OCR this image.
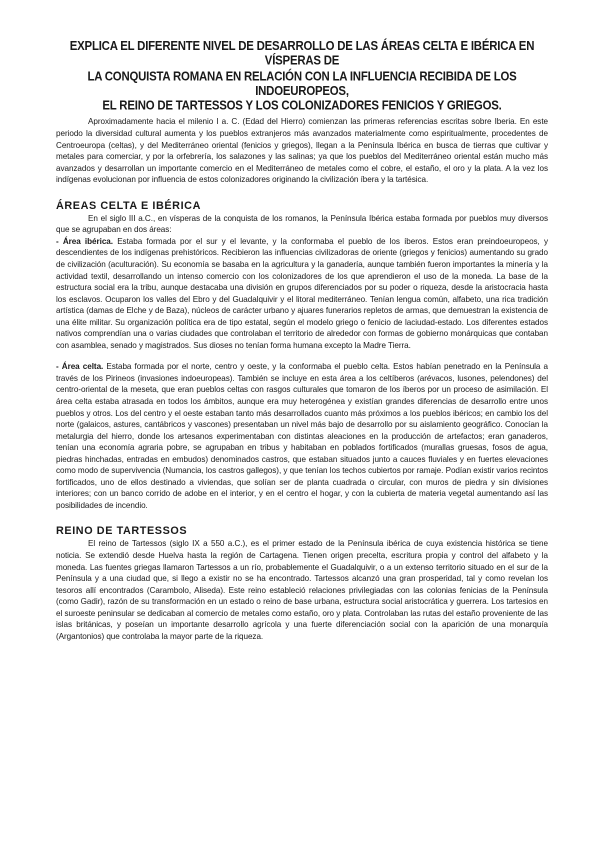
EXPLICA EL DIFERENTE NIVEL DE DESARROLLO DE LAS ÁREAS CELTA E IBÉRICA EN VÍSPERAS DE
LA CONQUISTA ROMANA EN RELACIÓN CON LA INFLUENCIA RECIBIDA DE LOS INDOEUROPEOS,
EL REINO DE TARTESSOS Y LOS COLONIZADORES FENICIOS Y GRIEGOS.

Aproximadamente hacia el milenio I a. C. (Edad del Hierro) comienzan las primeras referencias escritas sobre Iberia. En este periodo la diversidad cultural aumenta y los pueblos extranjeros más avanzados materialmente como espiritualmente, procedentes de Centroeuropa (celtas), y del Mediterráneo oriental (fenicios y griegos), llegan a la Península Ibérica en busca de tierras que cultivar y metales para comerciar, y por la orfebrería, los salazones y las salinas; ya que los pueblos del Mediterráneo oriental están mucho más avanzados y desarrollan un importante comercio en el Mediterráneo de metales como el cobre, el estaño, el oro y la plata. A la vez los indígenas evolucionan por influencia de estos colonizadores originando la civilización íbera y la tartésica.

ÁREAS CELTA E IBÉRICA

En el siglo III a.C., en vísperas de la conquista de los romanos, la Península Ibérica estaba formada por pueblos muy diversos que se agrupaban en dos áreas:

- Área ibérica. Estaba formada por el sur y el levante, y la conformaba el pueblo de los íberos. Estos eran preindoeuropeos, y descendientes de los indígenas prehistóricos. Recibieron las influencias civilizadoras de oriente (griegos y fenicios) aumentando su grado de civilización (aculturación). Su economía se basaba en la agricultura y la ganadería, aunque también fueron importantes la minería y la actividad textil, desarrollando un intenso comercio con los colonizadores de los que aprendieron el uso de la moneda. La base de la estructura social era la tribu, aunque destacaba una división en grupos diferenciados por su poder o riqueza, desde la aristocracia hasta los esclavos. Ocuparon los valles del Ebro y del Guadalquivir y el litoral mediterráneo. Tenían lengua común, alfabeto, una rica tradición artística (damas de Elche y de Baza), núcleos de carácter urbano y ajuares funerarios repletos de armas, que demuestran la existencia de una élite militar. Su organización política era de tipo estatal, según el modelo griego o fenicio de laciudad-estado. Los diferentes estados nativos comprendían una o varias ciudades que controlaban el territorio de alrededor con formas de gobierno monárquicas que contaban con asamblea, senado y magistrados. Sus dioses no tenían forma humana excepto la Madre Tierra.

- Área celta. Estaba formada por el norte, centro y oeste, y la conformaba el pueblo celta. Estos habían penetrado en la Península a través de los Pirineos (invasiones indoeuropeas). También se incluye en esta área a los celtíberos (arévacos, lusones, pelendones) del centro-oriental de la meseta, que eran pueblos celtas con rasgos culturales que tomaron de los íberos por un proceso de asimilación. El área celta estaba atrasada en todos los ámbitos, aunque era muy heterogénea y existían grandes diferencias de desarrollo entre unos pueblos y otros. Los del centro y el oeste estaban tanto más desarrollados cuanto más próximos a los pueblos ibéricos; en cambio los del norte (galaicos, astures, cantábricos y vascones) presentaban un nivel más bajo de desarrollo por su aislamiento geográfico. Conocían la metalurgia del hierro, donde los artesanos experimentaban con distintas aleaciones en la producción de artefactos; eran ganaderos, tenían una economía agraria pobre, se agrupaban en tribus y habitaban en poblados fortificados (murallas gruesas, fosos de agua, piedras hinchadas, entradas en embudos) denominados castros, que estaban situados junto a cauces fluviales y en fuertes elevaciones como modo de supervivencia (Numancia, los castros gallegos), y que tenían los techos cubiertos por ramaje. Podían existir varios recintos fortificados, uno de ellos destinado a viviendas, que solían ser de planta cuadrada o circular, con muros de piedra y sin divisiones interiores; con un banco corrido de adobe en el interior, y en el centro el hogar, y con la cubierta de materia vegetal aumentando así las posibilidades de incendio.

REINO DE TARTESSOS

El reino de Tartessos (siglo IX a 550 a.C.), es el primer estado de la Península ibérica de cuya existencia histórica se tiene noticia. Se extendió desde Huelva hasta la región de Cartagena. Tienen origen precelta, escritura propia y control del alfabeto y la moneda. Las fuentes griegas llamaron Tartessos a un río, probablemente el Guadalquivir, o a un extenso territorio situado en el sur de la Península y a una ciudad que, si llego a existir no se ha encontrado. Tartessos alcanzó una gran prosperidad, tal y como revelan los tesoros allí encontrados (Carambolo, Aliseda). Este reino estableció relaciones privilegiadas con las colonias fenicias de la Península (como Gadir), razón de su transformación en un estado o reino de base urbana, estructura social aristocrática y guerrera. Los tartesios en el suroeste peninsular se dedicaban al comercio de metales como estaño, oro y plata. Controlaban las rutas del estaño proveniente de las islas británicas, y poseían un importante desarrollo agrícola y una fuerte diferenciación social con la aparición de una monarquía (Argantonios) que controlaba la mayor parte de la riqueza.
